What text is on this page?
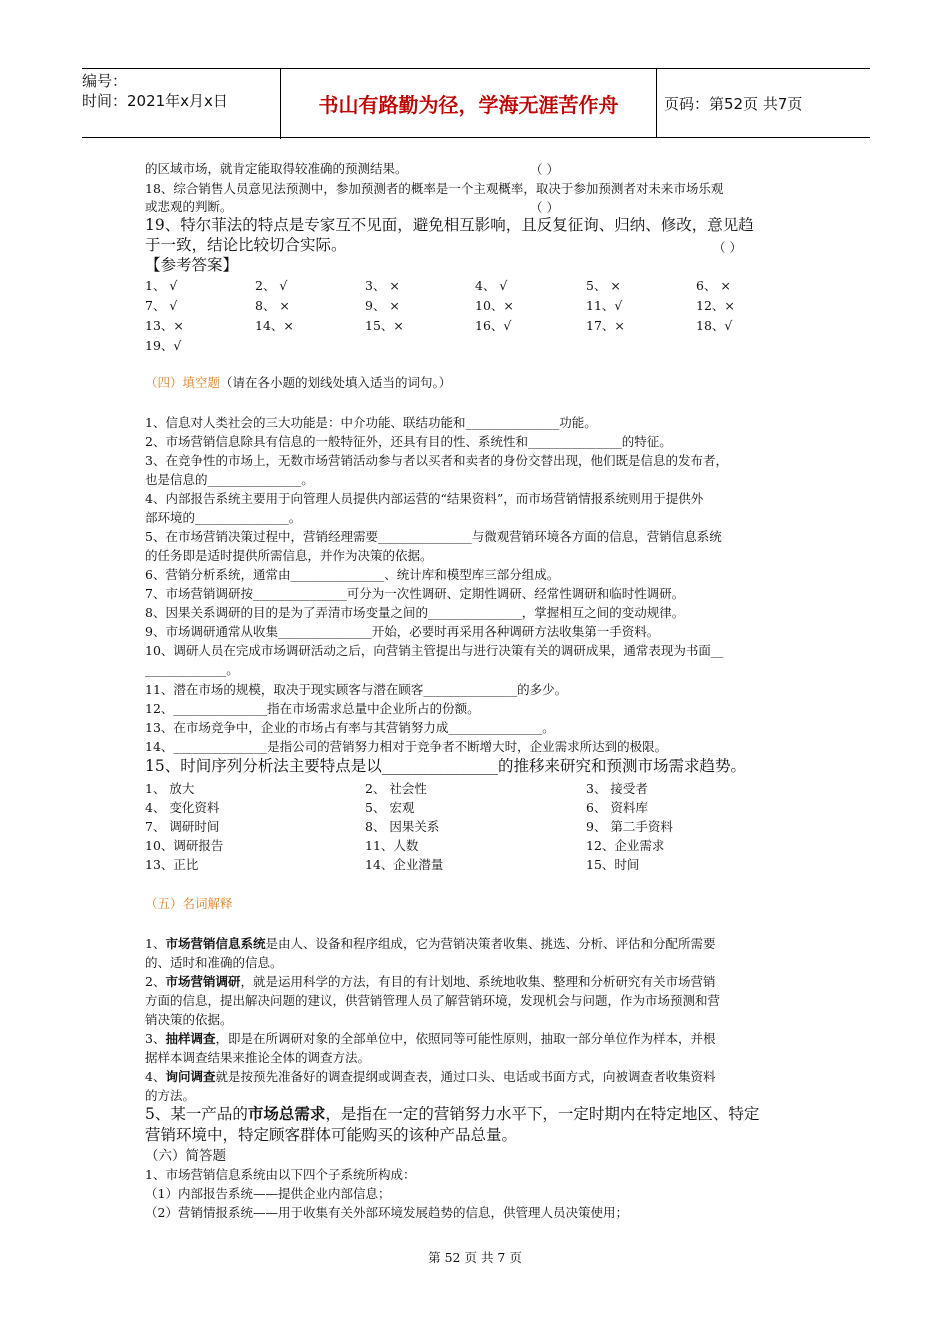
编号：
时间：2021年x月x日	书山有路勤为径，学海无涯苦作舟	页码：第52页 共7页
的区域市场，就肯定能取得较准确的预测结果。	（ ）
18、综合销售人员意见法预测中，参加预测者的概率是一个主观概率，取决于参加预测者对未来市场乐观
或悲观的判断。	（ ）
19、特尔菲法的特点是专家互不见面，避免相互影响，且反复征询、归纳、修改，意见趋
于一致，结论比较切合实际。	（ ）
【参考答案】
1、 √	2、 √	3、 ×	4、 √	5、 ×	6、 ×
7、 √	8、 ×	9、 ×	10、×	11、√	12、×
13、×	14、×	15、×	16、√	17、×	18、√
19、√
（四）填空题（请在各小题的划线处填入适当的词句。）
1、信息对人类社会的三大功能是：中介功能、联结功能和_______________功能。
2、市场营销信息除具有信息的一般特征外，还具有目的性、系统性和_______________的特征。
3、在竞争性的市场上，无数市场营销活动参与者以买者和卖者的身份交替出现，他们既是信息的发布者，
也是信息的_______________。
4、内部报告系统主要用于向管理人员提供内部运营的“结果资料”，而市场营销情报系统则用于提供外
部环境的_______________。
5、在市场营销决策过程中，营销经理需要_______________与微观营销环境各方面的信息，营销信息系统
的任务即是适时提供所需信息，并作为决策的依据。
6、营销分析系统，通常由_______________、统计库和模型库三部分组成。
7、市场营销调研按_______________可分为一次性调研、定期性调研、经常性调研和临时性调研。
8、因果关系调研的目的是为了弄清市场变量之间的_______________，掌握相互之间的变动规律。
9、市场调研通常从收集_______________开始，必要时再采用各种调研方法收集第一手资料。
10、调研人员在完成市场调研活动之后，向营销主管提出与进行决策有关的调研成果，通常表现为书面__
_____________。
11、潜在市场的规模，取决于现实顾客与潜在顾客_______________的多少。
12、_______________指在市场需求总量中企业所占的份额。
13、在市场竞争中，企业的市场占有率与其营销努力成_______________。
14、_______________是指公司的营销努力相对于竞争者不断增大时，企业需求所达到的极限。
15、时间序列分析法主要特点是以_______________的推移来研究和预测市场需求趋势。
1、 放大	2、 社会性	3、 接受者
4、 变化资料	5、 宏观	6、 资料库
7、 调研时间	8、 因果关系	9、 第二手资料
10、调研报告	11、人数	12、企业需求
13、正比	14、企业潜量	15、时间
（五）名词解释
1、市场营销信息系统是由人、设备和程序组成，它为营销决策者收集、挑选、分析、评估和分配所需要
的、适时和准确的信息。
2、市场营销调研，就是运用科学的方法，有目的有计划地、系统地收集、整理和分析研究有关市场营销
方面的信息，提出解决问题的建议，供营销管理人员了解营销环境，发现机会与问题，作为市场预测和营
销决策的依据。
3、抽样调查，即是在所调研对象的全部单位中，依照同等可能性原则，抽取一部分单位作为样本，并根
据样本调查结果来推论全体的调查方法。
4、询问调查就是按预先准备好的调查提纲或调查表，通过口头、电话或书面方式，向被调查者收集资料
的方法。
5、某一产品的市场总需求，是指在一定的营销努力水平下，一定时期内在特定地区、特定
营销环境中，特定顾客群体可能购买的该种产品总量。
（六）简答题
1、市场营销信息系统由以下四个子系统所构成：
（1）内部报告系统——提供企业内部信息；
（2）营销情报系统——用于收集有关外部环境发展趋势的信息，供管理人员决策使用；
第 52 页 共 7 页
